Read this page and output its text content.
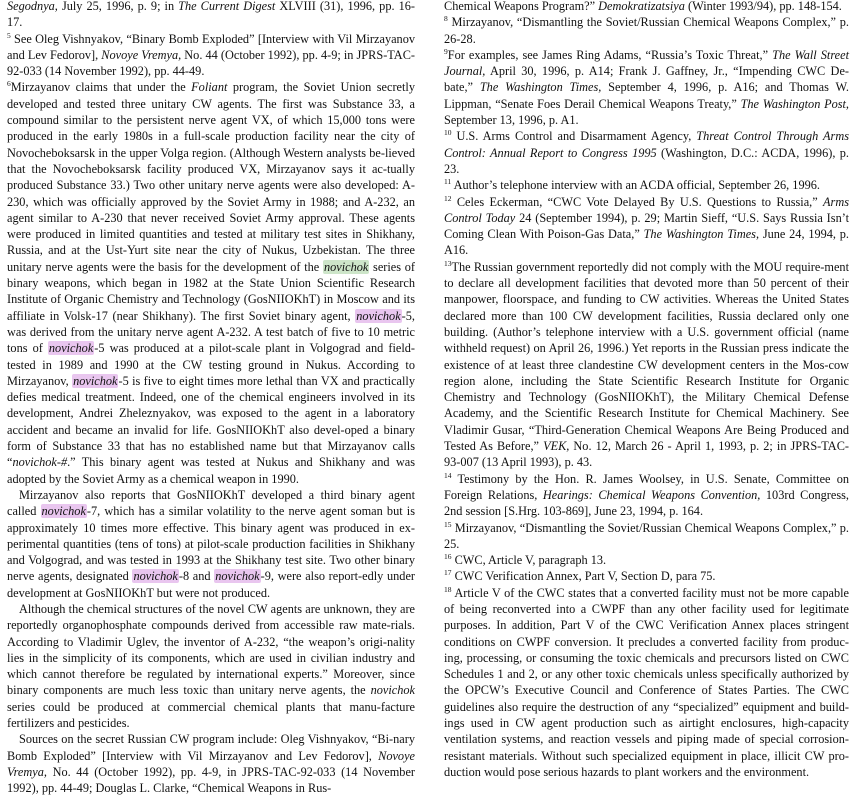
Segodnya, July 25, 1996, p. 9; in The Current Digest XLVIII (31), 1996, pp. 16-17.

$^5$ See Oleg Vishnyakov, “Binary Bomb Exploded” [Interview with Vil Mirzayanov and Lev Fedorov], Novoye Vremya, No. 44 (October 1992), pp. 4-9; in JPRS-TAC-92-033 (14 November 1992), pp. 44-49.

$^6$Mirzayanov claims that under the Foliant program, the Soviet Union secretly developed and tested three unitary CW agents. The first was Substance 33, a compound similar to the persistent nerve agent VX, of which 15,000 tons were produced in the early 1980s in a full-scale production facility near the city of Novocheboksarsk in the upper Volga region. (Although Western analysts be-lieved that the Novocheboksarsk facility produced VX, Mirzayanov says it ac-tually produced Substance 33.) Two other unitary nerve agents were also developed: A-230, which was officially approved by the Soviet Army in 1988; and A-232, an agent similar to A-230 that never received Soviet Army approval. These agents were produced in limited quantities and tested at military test sites in Shikhany, Russia, and at the Ust-Yurt site near the city of Nukus, Uzbekistan. The three unitary nerve agents were the basis for the development of the novichok series of binary weapons, which began in 1982 at the State Union Scientific Research Institute of Organic Chemistry and Technology (GosNIIOKhT) in Moscow and its affiliate in Volsk-17 (near Shikhany). The first Soviet binary agent, novichok-5, was derived from the unitary nerve agent A-232. A test batch of five to 10 metric tons of novichok-5 was produced at a pilot-scale plant in Volgograd and field-tested in 1989 and 1990 at the CW testing ground in Nukus. According to Mirzayanov, novichok-5 is five to eight times more lethal than VX and practically defies medical treatment. Indeed, one of the chemical engineers involved in its development, Andrei Zheleznyakov, was exposed to the agent in a laboratory accident and became an invalid for life. GosNIIOKhT also devel-oped a binary form of Substance 33 that has no established name but that Mirzayanov calls “novichok-#.” This binary agent was tested at Nukus and Shikhany and was adopted by the Soviet Army as a chemical weapon in 1990.

Mirzayanov also reports that GosNIIOKhT developed a third binary agent called novichok-7, which has a similar volatility to the nerve agent soman but is approximately 10 times more effective. This binary agent was produced in ex-perimental quantities (tens of tons) at pilot-scale production facilities in Shikhany and Volgograd, and was tested in 1993 at the Shikhany test site. Two other binary nerve agents, designated novichok-8 and novichok-9, were also report-edly under development at GosNIIOKhT but were not produced.

Although the chemical structures of the novel CW agents are unknown, they are reportedly organophosphate compounds derived from accessible raw mate-rials. According to Vladimir Uglev, the inventor of A-232, “the weapon’s origi-nality lies in the simplicity of its components, which are used in civilian industry and which cannot therefore be regulated by international experts.” Moreover, since binary components are much less toxic than unitary nerve agents, the novichok series could be produced at commercial chemical plants that manu-facture fertilizers and pesticides.

Sources on the secret Russian CW program include: Oleg Vishnyakov, “Bi-nary Bomb Exploded” [Interview with Vil Mirzayanov and Lev Fedorov], Novoye Vremya, No. 44 (October 1992), pp. 4-9, in JPRS-TAC-92-033 (14 November 1992), pp. 44-49; Douglas L. Clarke, “Chemical Weapons in Rus-

Chemical Weapons Program?” Demokratizatsiya (Winter 1993/94), pp. 148-154.

$^8$ Mirzayanov, “Dismantling the Soviet/Russian Chemical Weapons Complex,” p. 26-28.

$^9$For examples, see James Ring Adams, “Russia’s Toxic Threat,” The Wall Street Journal, April 30, 1996, p. A14; Frank J. Gaffney, Jr., “Impending CWC De-bate,” The Washington Times, September 4, 1996, p. A16; and Thomas W. Lippman, “Senate Foes Derail Chemical Weapons Treaty,” The Washington Post, September 13, 1996, p. A1.

$^{10}$ U.S. Arms Control and Disarmament Agency, Threat Control Through Arms Control: Annual Report to Congress 1995 (Washington, D.C.: ACDA, 1996), p. 23.

$^{11}$ Author’s telephone interview with an ACDA official, September 26, 1996.

$^{12}$ Celes Eckerman, “CWC Vote Delayed By U.S. Questions to Russia,” Arms Control Today 24 (September 1994), p. 29; Martin Sieff, “U.S. Says Russia Isn’t Coming Clean With Poison-Gas Data,” The Washington Times, June 24, 1994, p. A16.

$^{13}$The Russian government reportedly did not comply with the MOU require-ment to declare all development facilities that devoted more than 50 percent of their manpower, floorspace, and funding to CW activities. Whereas the United States declared more than 100 CW development facilities, Russia declared only one building. (Author’s telephone interview with a U.S. government official (name withheld request) on April 26, 1996.) Yet reports in the Russian press indicate the existence of at least three clandestine CW development centers in the Mos-cow region alone, including the State Scientific Research Institute for Organic Chemistry and Technology (GosNIIOKhT), the Military Chemical Defense Academy, and the Scientific Research Institute for Chemical Machinery. See Vladimir Gusar, “Third-Generation Chemical Weapons Are Being Produced and Tested As Before,” VEK, No. 12, March 26 - April 1, 1993, p. 2; in JPRS-TAC-93-007 (13 April 1993), p. 43.

$^{14}$ Testimony by the Hon. R. James Woolsey, in U.S. Senate, Committee on Foreign Relations, Hearings: Chemical Weapons Convention, 103rd Congress, 2nd session [S.Hrg. 103-869], June 23, 1994, p. 164.

$^{15}$ Mirzayanov, “Dismantling the Soviet/Russian Chemical Weapons Complex,” p. 25.

$^{16}$ CWC, Article V, paragraph 13.

$^{17}$ CWC Verification Annex, Part V, Section D, para 75.

$^{18}$ Article V of the CWC states that a converted facility must not be more capable of being reconverted into a CWPF than any other facility used for legitimate purposes. In addition, Part V of the CWC Verification Annex places stringent conditions on CWPF conversion. It precludes a converted facility from produc-ing, processing, or consuming the toxic chemicals and precursors listed on CWC Schedules 1 and 2, or any other toxic chemicals unless specifically authorized by the OPCW’s Executive Council and Conference of States Parties. The CWC guidelines also require the destruction of any “specialized” equipment and build-ings used in CW agent production such as airtight enclosures, high-capacity ventilation systems, and reaction vessels and piping made of special corrosion-resistant materials. Without such specialized equipment in place, illicit CW pro-duction would pose serious hazards to plant workers and the environment.
